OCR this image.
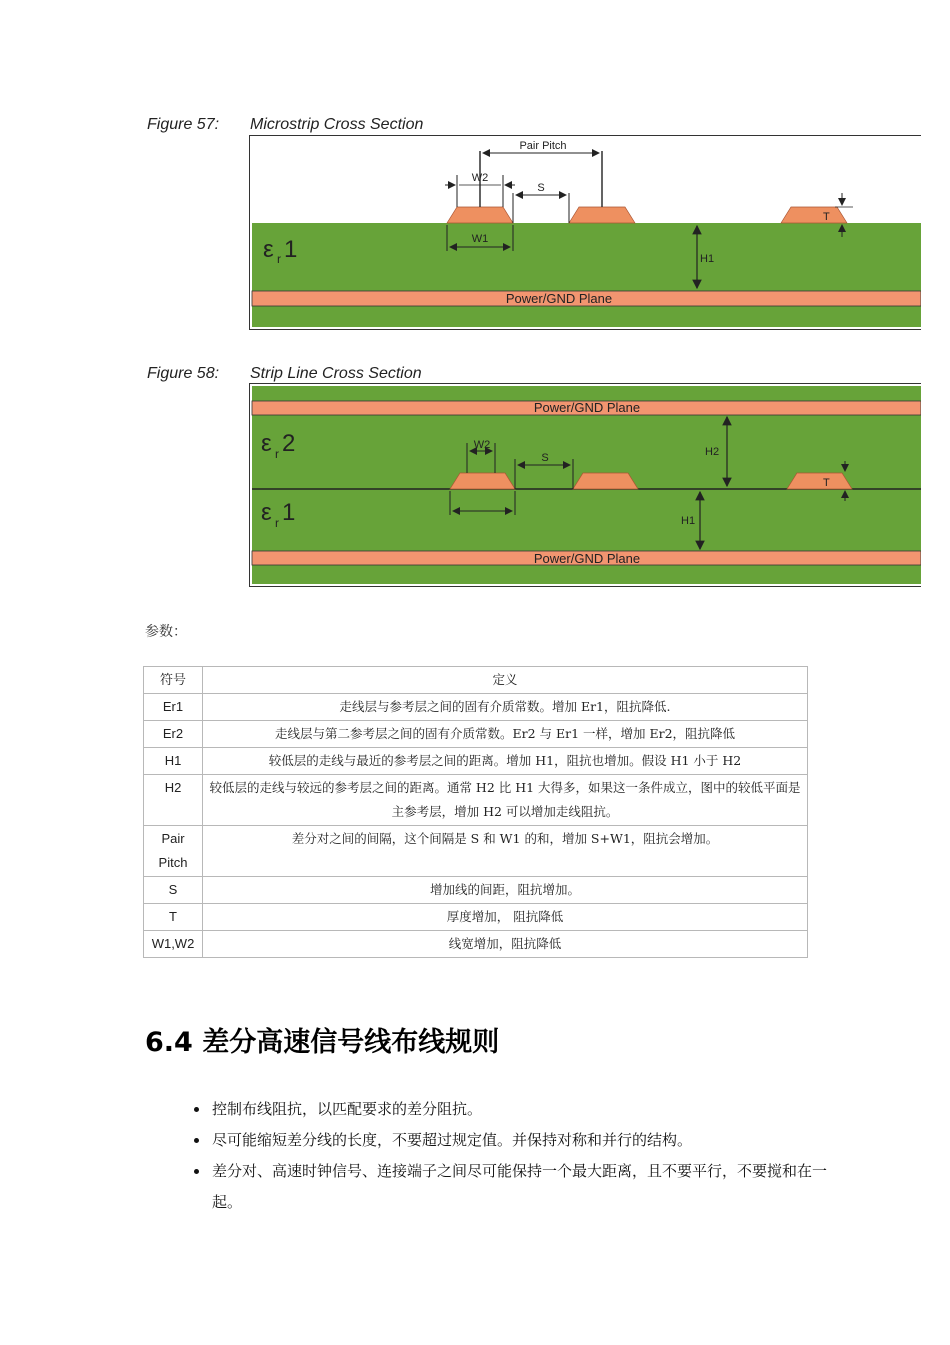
Figure 57: Microstrip Cross Section
Power/GND Plane
Pair Pitch
W2
S
W1
H1
T
ε r 1
Figure 58: Strip Line Cross Section
Power/GND Plane
Power/GND Plane
W2
S	H2
H1
T
ε r 2
ε r 1
参数：
符号	定义
Er1	走线层与参考层之间的固有介质常数。增加 Er1，阻抗降低.
Er2	走线层与第二参考层之间的固有介质常数。Er2 与 Er1 一样，增加 Er2，阻抗降低
H1	较低层的走线与最近的参考层之间的距离。增加 H1，阻抗也增加。假设 H1 小于 H2
H2	较低层的走线与较远的参考层之间的距离。通常 H2 比 H1 大得多，如果这一条件成立，图中的较低平面是主参考层，增加 H2 可以增加走线阻抗。
Pair Pitch	差分对之间的间隔，这个间隔是 S 和 W1 的和，增加 S+W1，阻抗会增加。
S	增加线的间距，阻抗增加。
T	厚度增加， 阻抗降低
W1,W2	线宽增加，阻抗降低
6.4 差分高速信号线布线规则
• 控制布线阻抗，以匹配要求的差分阻抗。
• 尽可能缩短差分线的长度，不要超过规定值。并保持对称和并行的结构。
• 差分对、高速时钟信号、连接端子之间尽可能保持一个最大距离，且不要平行，不要搅和在一起。
